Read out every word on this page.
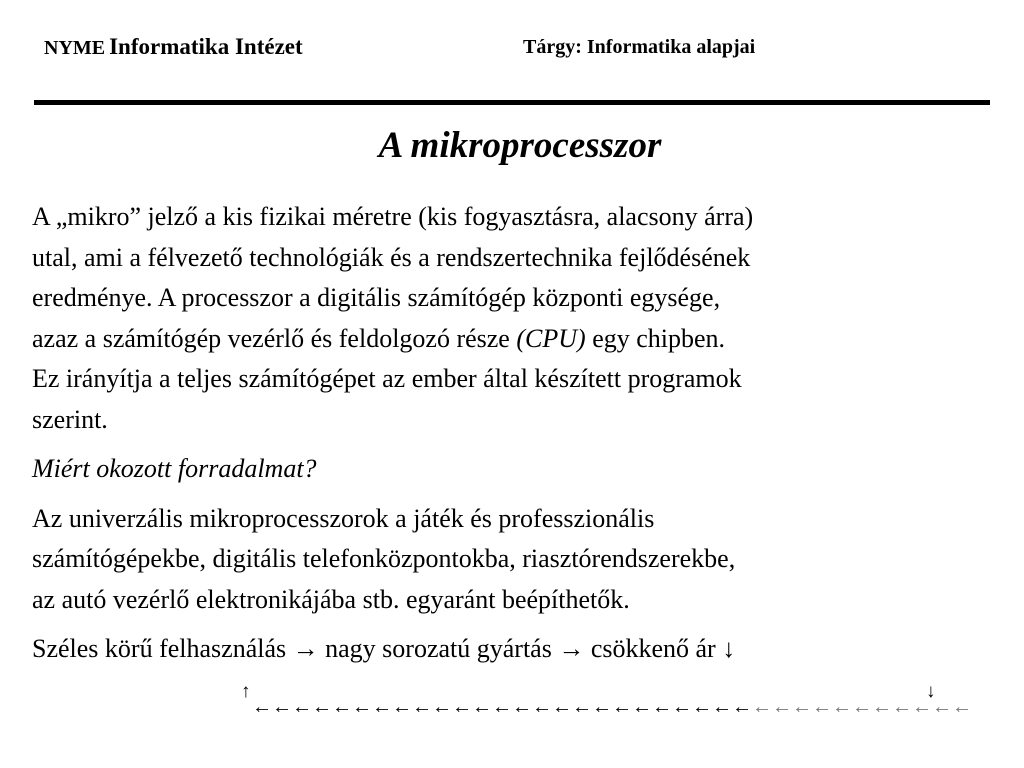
NYME Informatika Intézet	Tárgy: Informatika alapjai
A mikroprocesszor
A „mikro” jelző a kis fizikai méretre (kis fogyasztásra, alacsony árra)
utal, ami a félvezető technológiák és a rendszertechnika fejlődésének
eredménye. A processzor a digitális számítógép központi egysége,
azaz a számítógép vezérlő és feldolgozó része (CPU) egy chipben.
Ez irányítja a teljes számítógépet az ember által készített programok
szerint.
Miért okozott forradalmat?
Az univerzális mikroprocesszorok a játék és professzionális
számítógépekbe, digitális telefonközpontokba, riasztórendszerekbe,
az autó vezérlő elektronikájába stb. egyaránt beépíthetők.
Széles körű felhasználás → nagy sorozatú gyártás → csökkenő ár ↓
↑
←←←←←←←←←←←←←←←←←←←←←←←←←←←←←←←←←←←←
↓
